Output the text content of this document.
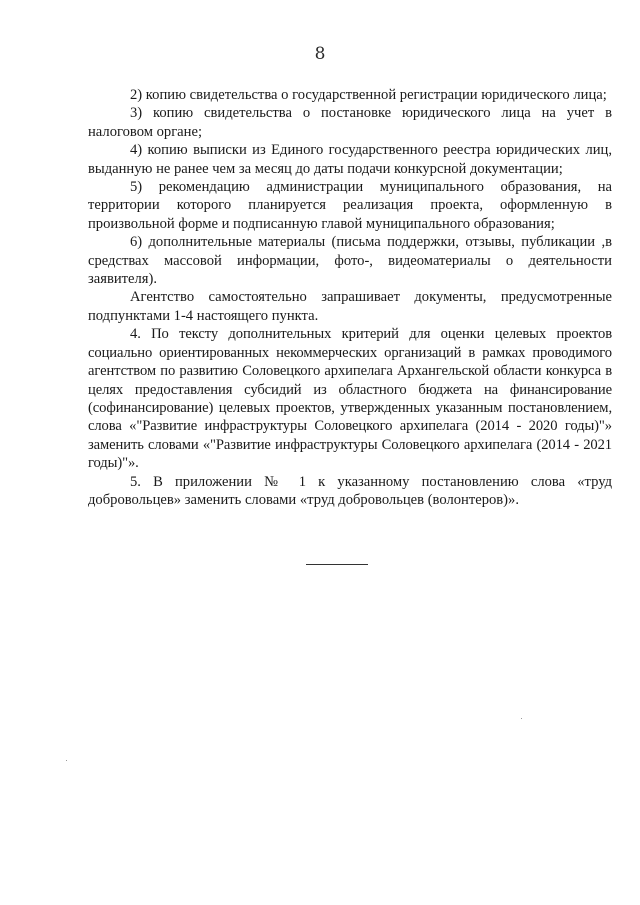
8

2) копию свидетельства о государственной регистрации юридического лица;

3) копию свидетельства о постановке юридического лица на учет в налоговом органе;

4) копию выписки из Единого государственного реестра юридических лиц, выданную не ранее чем за месяц до даты подачи конкурсной документации;

5) рекомендацию администрации муниципального образования, на территории которого планируется реализация проекта, оформленную в произвольной форме и подписанную главой муниципального образования;

6) дополнительные материалы (письма поддержки, отзывы, публикации ,в средствах массовой информации, фото-, видеоматериалы о деятельности заявителя).

Агентство самостоятельно запрашивает документы, предусмотренные подпунктами 1-4 настоящего пункта.

4. По тексту дополнительных критерий для оценки целевых проектов социально ориентированных некоммерческих организаций в рамках проводимого агентством по развитию Соловецкого архипелага Архангельской области конкурса в целях предоставления субсидий из областного бюджета на финансирование (софинансирование) целевых проектов, утвержденных указанным постановлением, слова «"Развитие инфраструктуры Соловецкого архипелага (2014 - 2020 годы)"» заменить словами «"Развитие инфраструктуры Соловецкого архипелага (2014 - 2021 годы)"».

5. В приложении № 1 к указанному постановлению слова «труд добровольцев» заменить словами «труд добровольцев (волонтеров)».
